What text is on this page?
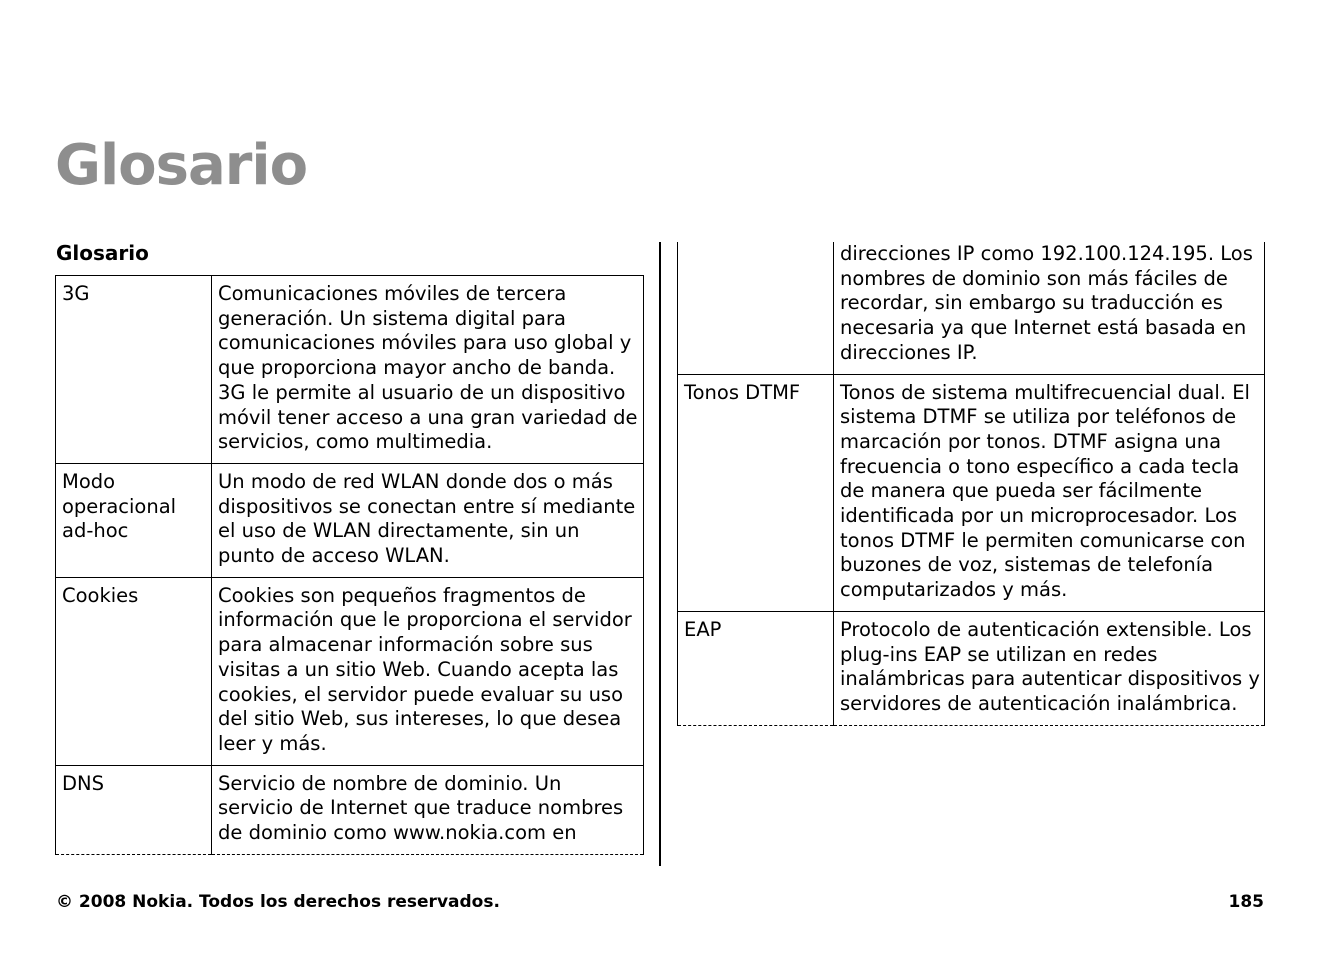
Glosario
Glosario
3G	Comunicaciones móviles de tercera generación. Un sistema digital para comunicaciones móviles para uso global y que proporciona mayor ancho de banda. 3G le permite al usuario de un dispositivo móvil tener acceso a una gran variedad de servicios, como multimedia.
Modo operacional ad-hoc	Un modo de red WLAN donde dos o más dispositivos se conectan entre sí mediante el uso de WLAN directamente, sin un punto de acceso WLAN.
Cookies	Cookies son pequeños fragmentos de información que le proporciona el servidor para almacenar información sobre sus visitas a un sitio Web. Cuando acepta las cookies, el servidor puede evaluar su uso del sitio Web, sus intereses, lo que desea leer y más.
DNS	Servicio de nombre de dominio. Un servicio de Internet que traduce nombres de dominio como www.nokia.com en
	direcciones IP como 192.100.124.195. Los nombres de dominio son más fáciles de recordar, sin embargo su traducción es necesaria ya que Internet está basada en direcciones IP.
Tonos DTMF	Tonos de sistema multifrecuencial dual. El sistema DTMF se utiliza por teléfonos de marcación por tonos. DTMF asigna una frecuencia o tono específico a cada tecla de manera que pueda ser fácilmente identificada por un microprocesador. Los tonos DTMF le permiten comunicarse con buzones de voz, sistemas de telefonía computarizados y más.
EAP	Protocolo de autenticación extensible. Los plug-ins EAP se utilizan en redes inalámbricas para autenticar dispositivos y servidores de autenticación inalámbrica.
© 2008 Nokia. Todos los derechos reservados.	185
